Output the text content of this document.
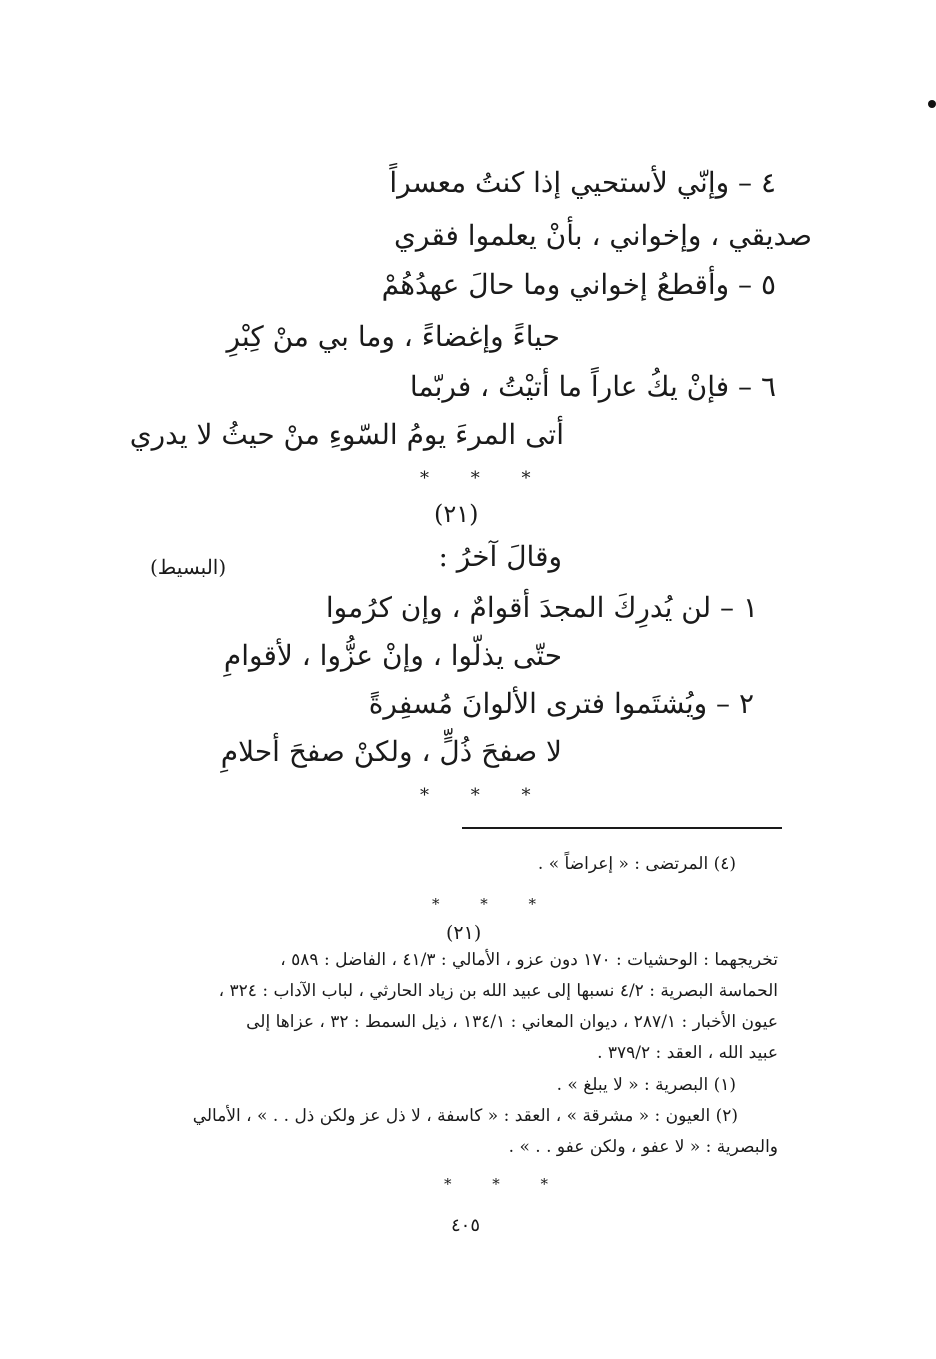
٤ – وإنّي لأستحيي إذا كنتُ معسراً
صديقي ، وإخواني ، بأنْ يعلموا فقري
٥ – وأقطعُ إخواني وما حالَ عهدُهُمْ
حياءً وإغضاءً ، وما بي منْ كِبْرِ
٦ – فإنْ يكُ عاراً ما أتيْتُ ، فربّما
أتى المرءَ يومُ السّوءِ منْ حيثُ لا يدري
* * *
(٢١)
وقالَ آخرُ :
(البسيط)
١ – لن يُدرِكَ المجدَ أقوامٌ ، وإن كرُموا
حتّى يذلّوا ، وإنْ عزُّوا ، لأقوامِ
٢ – ويُشتَموا فترى الألوانَ مُسفِرةً
لا صفحَ ذُلٍّ ، ولكنْ صفحَ أحلامِ
* * *
(٤) المرتضى : « إعراضاً » .
* * *
(٢١)
تخريجهما : الوحشيات : ١٧٠ دون عزو ، الأمالي : ٤١/٣ ، الفاضل : ٥٨٩ ،
الحماسة البصرية : ٤/٢ نسبها إلى عبيد الله بن زياد الحارثي ، لباب الآداب : ٣٢٤ ،
عيون الأخبار : ٢٨٧/١ ، ديوان المعاني : ١٣٤/١ ، ذيل السمط : ٣٢ ، عزاها إلى
عبيد الله ، العقد : ٣٧٩/٢ .
(١) البصرية : « لا يبلغ » .
(٢) العيون : « مشرقة » ، العقد : « كاسفة ، لا ذل عز ولكن ذل . . » ، الأمالي
والبصرية : « لا عفو ، ولكن عفو . . » .
* * *
٤٠٥
